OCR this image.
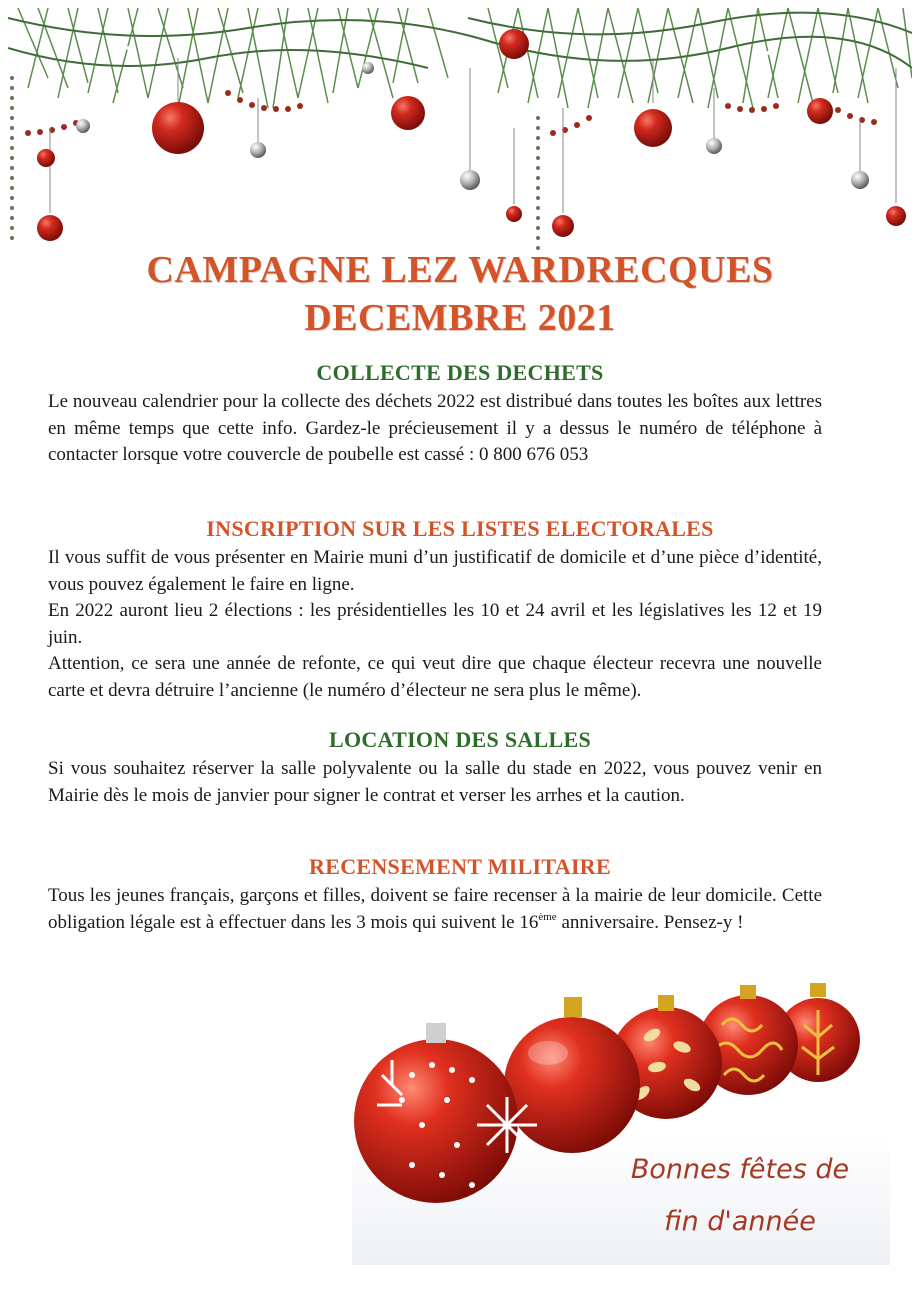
CAMPAGNE LEZ WARDRECQUES
DECEMBRE 2021
COLLECTE DES DECHETS

Le nouveau calendrier pour la collecte des déchets 2022 est distribué dans toutes les boîtes aux lettres en même temps que cette info. Gardez-le précieusement il y a dessus le numéro de téléphone à contacter lorsque votre couvercle de poubelle est cassé : 0 800 676 053

INSCRIPTION SUR LES LISTES ELECTORALES

Il vous suffit de vous présenter en Mairie muni d’un justificatif de domicile et d’une pièce d’identité, vous pouvez également le faire en ligne.

En 2022 auront lieu 2 élections : les présidentielles les 10 et 24 avril et les législatives les 12 et 19 juin.

Attention, ce sera une année de refonte, ce qui veut dire que chaque électeur recevra une nouvelle carte et devra détruire l’ancienne (le numéro d’électeur ne sera plus le même).

LOCATION DES SALLES

Si vous souhaitez réserver la salle polyvalente ou la salle du stade en 2022, vous pouvez venir en Mairie dès le mois de janvier pour signer le contrat et verser les arrhes et la caution.

RECENSEMENT MILITAIRE

Tous les jeunes français, garçons et filles, doivent se faire recenser à la mairie de leur domicile. Cette obligation légale est à effectuer dans les 3 mois qui suivent le 16ème anniversaire. Pensez-y !

Bonnes fêtes de
fin d'année
